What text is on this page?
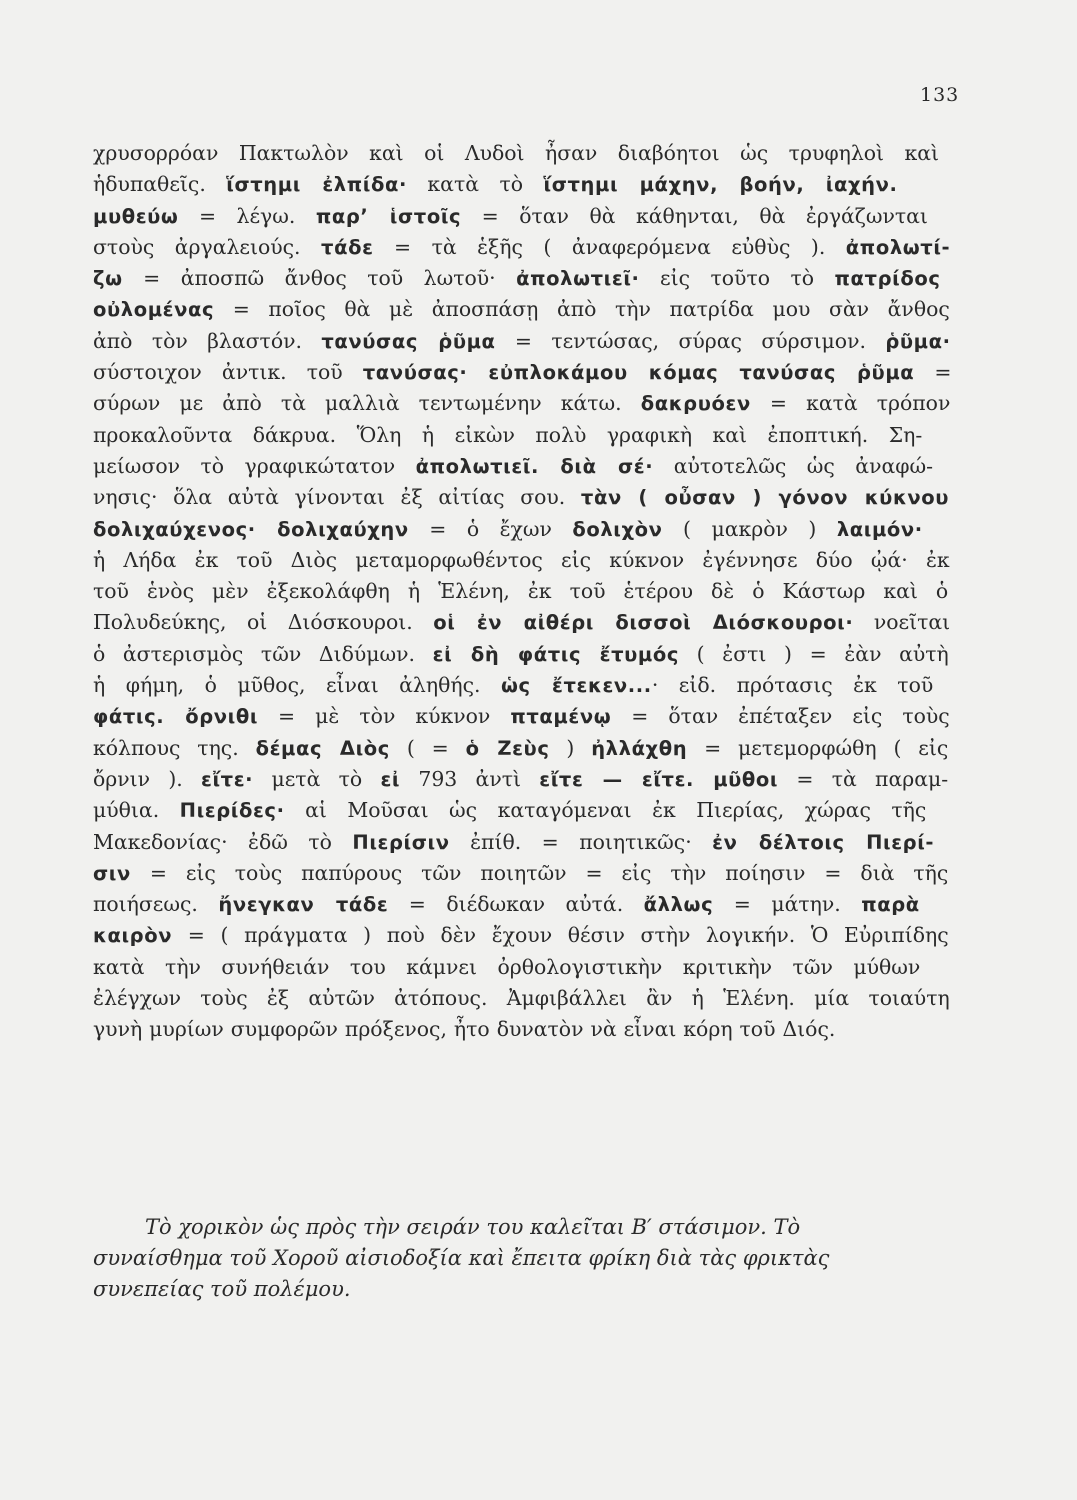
133
χρυσορρόαν Πακτωλὸν καὶ οἱ Λυδοὶ ἦσαν διαβόητοι ὡς τρυφηλοὶ καὶ
ἡδυπαθεῖς. ἵστημι ἐλπίδα· κατὰ τὸ ἵστημι μάχην, βοήν, ἰαχήν.
μυθεύω = λέγω. παρ’ ἱστοῖς = ὅταν θὰ κάθηνται, θὰ ἐργάζωνται
στοὺς ἀργαλειούς. τάδε = τὰ ἑξῆς ( ἀναφερόμενα εὐθὺς ). ἀπολωτί-
ζω = ἀποσπῶ ἄνθος τοῦ λωτοῦ· ἀπολωτιεῖ· εἰς τοῦτο τὸ πατρίδος
οὐλομένας = ποῖος θὰ μὲ ἀποσπάσῃ ἀπὸ τὴν πατρίδα μου σὰν ἄνθος
ἀπὸ τὸν βλαστόν. τανύσας ῥῦμα = τεντώσας, σύρας σύρσιμον. ῥῦμα·
σύστοιχον ἀντικ. τοῦ τανύσας· εὐπλοκάμου κόμας τανύσας ῥῦμα =
σύρων με ἀπὸ τὰ μαλλιὰ τεντωμένην κάτω. δακρυόεν = κατὰ τρόπον
προκαλοῦντα δάκρυα. Ὅλη ἡ εἰκὼν πολὺ γραφικὴ καὶ ἐποπτική. Ση-
μείωσον τὸ γραφικώτατον ἀπολωτιεῖ. διὰ σέ· αὐτοτελῶς ὡς ἀναφώ-
νησις· ὅλα αὐτὰ γίνονται ἐξ αἰτίας σου. τὰν ( οὖσαν ) γόνον κύκνου
δολιχαύχενος· δολιχαύχην = ὁ ἔχων δολιχὸν ( μακρὸν ) λαιμόν·
ἡ Λήδα ἐκ τοῦ Διὸς μεταμορφωθέντος εἰς κύκνον ἐγέννησε δύο ᾠά· ἐκ
τοῦ ἑνὸς μὲν ἐξεκολάφθη ἡ Ἑλένη, ἐκ τοῦ ἑτέρου δὲ ὁ Κάστωρ καὶ ὁ
Πολυδεύκης, οἱ Διόσκουροι. οἱ ἐν αἰθέρι δισσοὶ Διόσκουροι· νοεῖται
ὁ ἀστερισμὸς τῶν Διδύμων. εἰ δὴ φάτις ἔτυμός ( ἐστι ) = ἐὰν αὐτὴ
ἡ φήμη, ὁ μῦθος, εἶναι ἀληθής. ὡς ἔτεκεν...· εἰδ. πρότασις ἐκ τοῦ
φάτις. ὄρνιθι = μὲ τὸν κύκνον πταμένῳ = ὅταν ἐπέταξεν εἰς τοὺς
κόλπους της. δέμας Διὸς ( = ὁ Ζεὺς ) ἠλλάχθη = μετεμορφώθη ( εἰς
ὄρνιν ). εἴτε· μετὰ τὸ εἰ 793 ἀντὶ εἴτε — εἴτε. μῦθοι = τὰ παραμ-
μύθια. Πιερίδες· αἱ Μοῦσαι ὡς καταγόμεναι ἐκ Πιερίας, χώρας τῆς
Μακεδονίας· ἐδῶ τὸ Πιερίσιν ἐπίθ. = ποιητικῶς· ἐν δέλτοις Πιερί-
σιν = εἰς τοὺς παπύρους τῶν ποιητῶν = εἰς τὴν ποίησιν = διὰ τῆς
ποιήσεως. ἤνεγκαν τάδε = διέδωκαν αὐτά. ἄλλως = μάτην. παρὰ
καιρὸν = ( πράγματα ) ποὺ δὲν ἔχουν θέσιν στὴν λογικήν. Ὁ Εὐριπίδης
κατὰ τὴν συνήθειάν του κάμνει ὀρθολογιστικὴν κριτικὴν τῶν μύθων
ἐλέγχων τοὺς ἐξ αὐτῶν ἀτόπους. Ἀμφιβάλλει ἂν ἡ Ἑλένη. μία τοιαύτη
γυνὴ μυρίων συμφορῶν πρόξενος, ἦτο δυνατὸν νὰ εἶναι κόρη τοῦ Διός.
Τὸ χορικὸν ὡς πρὸς τὴν σειράν του καλεῖται Β′ στάσιμον. Τὸ
συναίσθημα τοῦ Χοροῦ αἰσιοδοξία καὶ ἔπειτα φρίκη διὰ τὰς φρικτὰς
συνεπείας τοῦ πολέμου.
